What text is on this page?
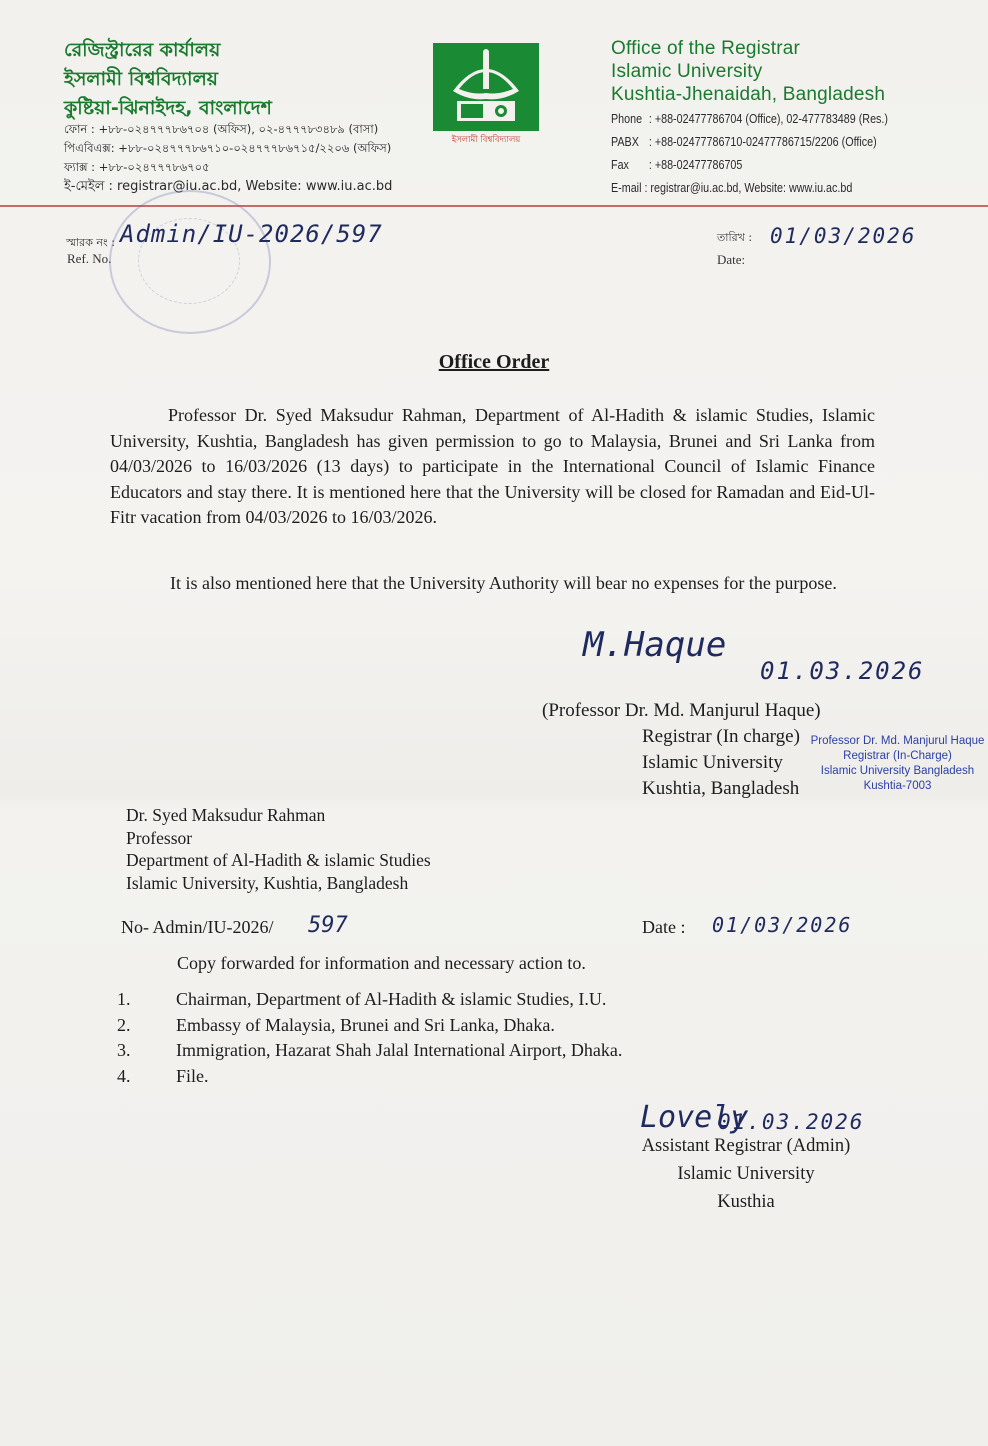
রেজিস্ট্রারের কার্যালয়
ইসলামী বিশ্ববিদ্যালয়
কুষ্টিয়া-ঝিনাইদহ, বাংলাদেশ
ফোন : +৮৮-০২৪৭৭৭৮৬৭০৪ (অফিস), ০২-৪৭৭৭৮৩৪৮৯ (বাসা)
পিএবিএক্স: +৮৮-০২৪৭৭৭৮৬৭১০-০২৪৭৭৭৮৬৭১৫/২২০৬ (অফিস)
ফ্যাক্স : +৮৮-০২৪৭৭৭৮৬৭০৫
ই-মেইল : registrar@iu.ac.bd, Website: www.iu.ac.bd
ইসলামী বিশ্ববিদ্যালয়
Office of the Registrar
Islamic University
Kushtia-Jhenaidah, Bangladesh
Phone : +88-02477786704 (Office), 02-477783489 (Res.)
PABX : +88-02477786710-02477786715/2206 (Office)
Fax : +88-02477786705
E-mail : registrar@iu.ac.bd, Website: www.iu.ac.bd
স্মারক নং :
Ref. No.
Admin/IU-2026/597	তারিখ :
Date:
01/03/2026
Office Order
Professor Dr. Syed Maksudur Rahman, Department of Al-Hadith & islamic Studies, Islamic University, Kushtia, Bangladesh has given permission to go to Malaysia, Brunei and Sri Lanka from 04/03/2026 to 16/03/2026 (13 days) to participate in the International Council of Islamic Finance Educators and stay there. It is mentioned here that the University will be closed for Ramadan and Eid-Ul-Fitr vacation from 04/03/2026 to 16/03/2026.
It is also mentioned here that the University Authority will bear no expenses for the purpose.
M.Haque
01.03.2026
(Professor Dr. Md. Manjurul Haque)
Registrar (In charge)
Islamic University
Kushtia, Bangladesh
Professor Dr. Md. Manjurul Haque
Registrar (In-Charge)
Islamic University Bangladesh
Kushtia-7003
Dr. Syed Maksudur Rahman
Professor
Department of Al-Hadith & islamic Studies
Islamic University, Kushtia, Bangladesh
No- Admin/IU-2026/ 597	Date : 01/03/2026
Copy forwarded for information and necessary action to.
1.	Chairman, Department of Al-Hadith & islamic Studies, I.U.
2.	Embassy of Malaysia, Brunei and Sri Lanka, Dhaka.
3.	Immigration, Hazarat Shah Jalal International Airport, Dhaka.
4.	File.
Lovely
01.03.2026
Assistant Registrar (Admin)
Islamic University
Kusthia
